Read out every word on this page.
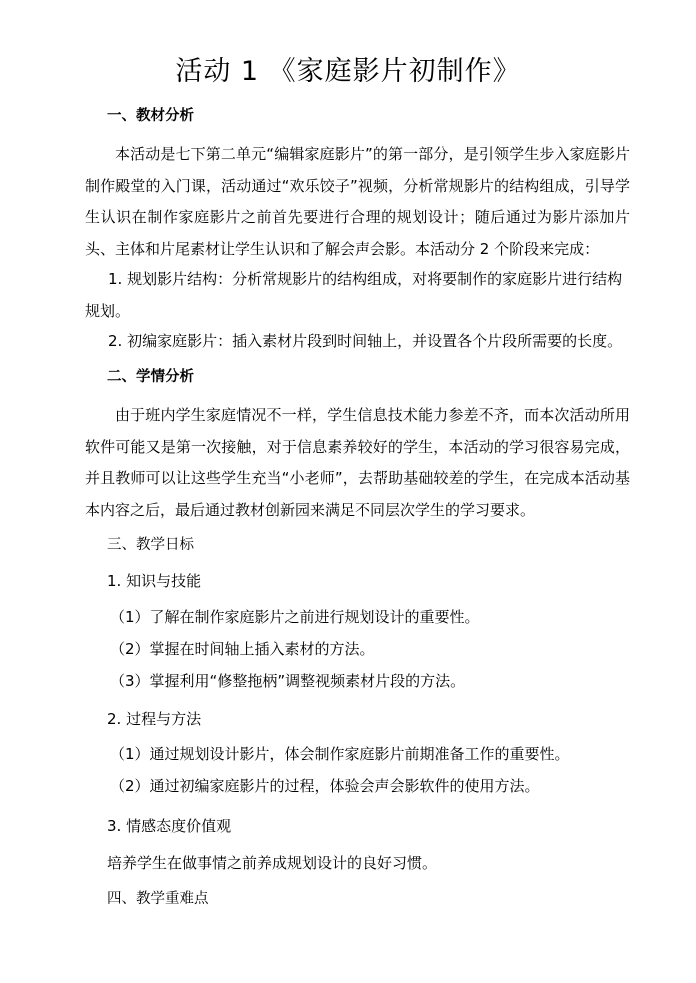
活动 1 《家庭影片初制作》
一、教材分析
本活动是七下第二单元“编辑家庭影片”的第一部分，是引领学生步入家庭影片制作殿堂的入门课，活动通过“欢乐饺子”视频，分析常规影片的结构组成，引导学生认识在制作家庭影片之前首先要进行合理的规划设计；随后通过为影片添加片头、主体和片尾素材让学生认识和了解会声会影。本活动分 2 个阶段来完成：
1. 规划影片结构：分析常规影片的结构组成，对将要制作的家庭影片进行结构规划。
2. 初编家庭影片：插入素材片段到时间轴上，并设置各个片段所需要的长度。
二、学情分析
由于班内学生家庭情况不一样，学生信息技术能力参差不齐，而本次活动所用软件可能又是第一次接触，对于信息素养较好的学生，本活动的学习很容易完成，并且教师可以让这些学生充当“小老师”，去帮助基础较差的学生，在完成本活动基本内容之后，最后通过教材创新园来满足不同层次学生的学习要求。
三、教学日标
1. 知识与技能
（1）了解在制作家庭影片之前进行规划设计的重要性。
（2）掌握在时间轴上插入素材的方法。
（3）掌握利用“修整拖柄”调整视频素材片段的方法。
2. 过程与方法
（1）通过规划设计影片，体会制作家庭影片前期准备工作的重要性。
（2）通过初编家庭影片的过程，体验会声会影软件的使用方法。
3. 情感态度价值观
培养学生在做事情之前养成规划设计的良好习惯。
四、教学重难点
